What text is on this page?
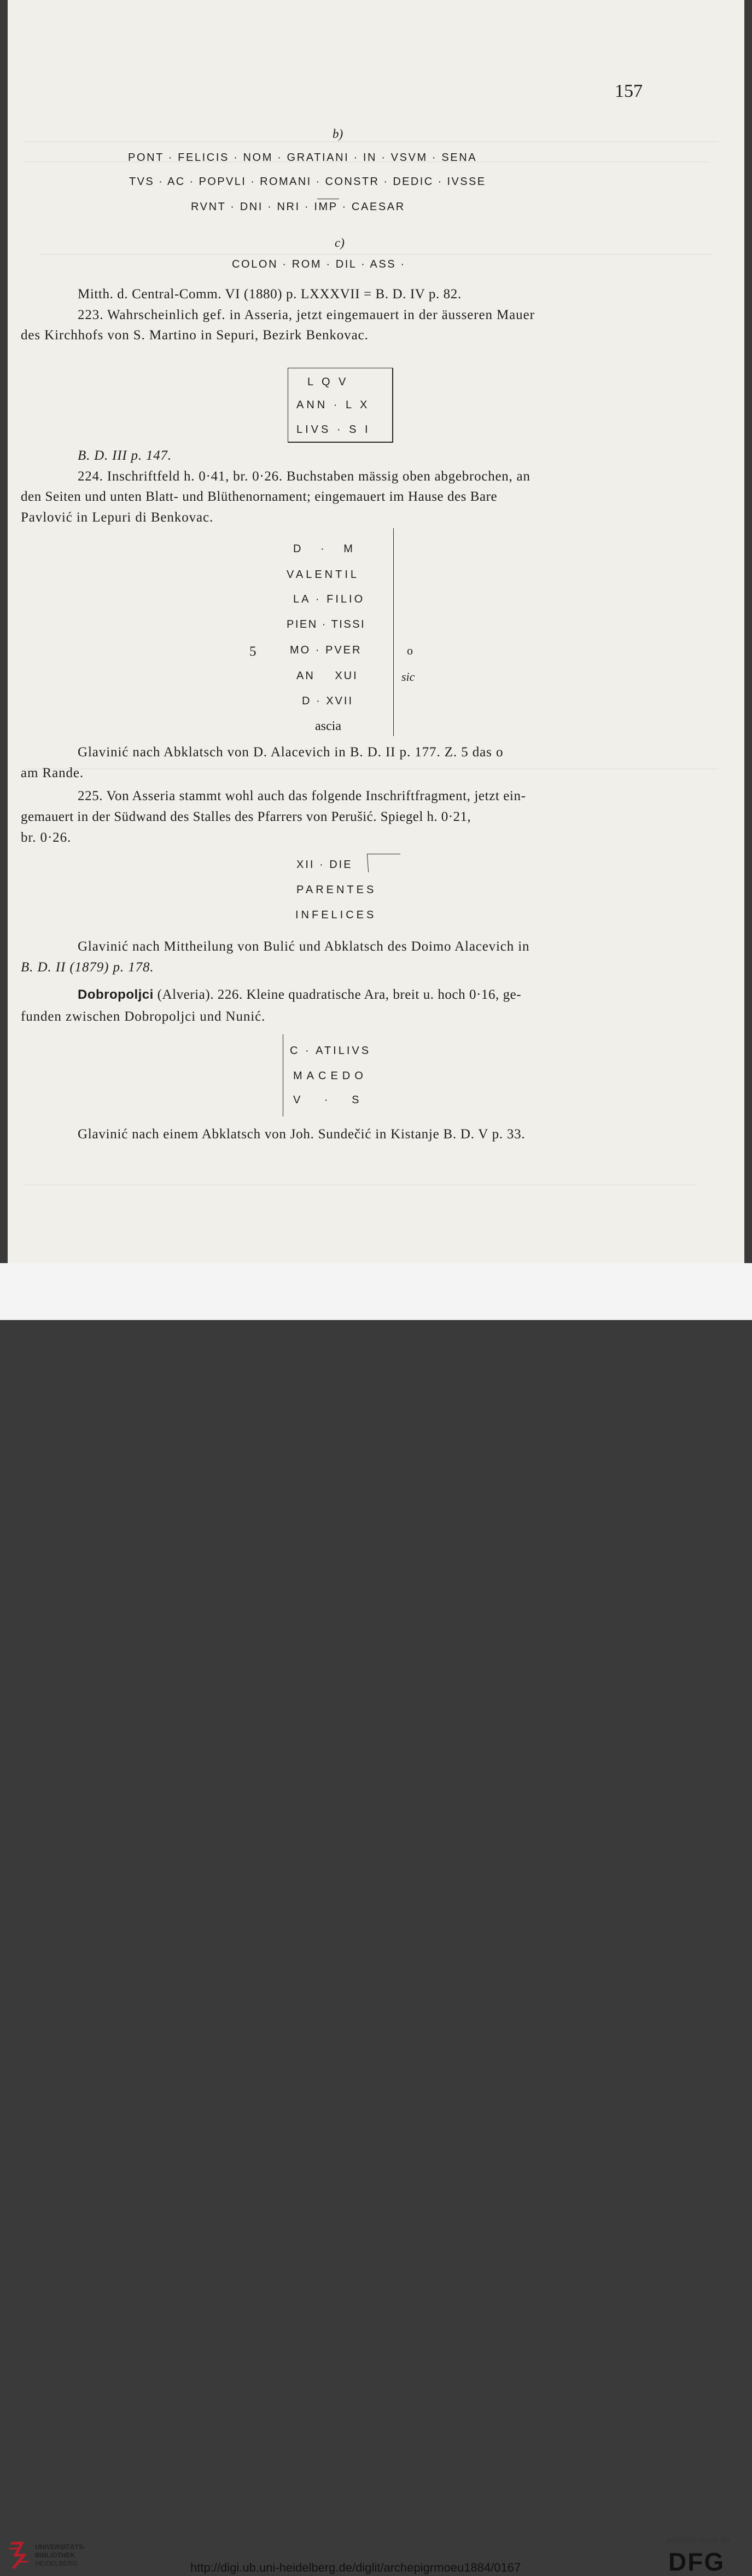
157
b)
PONT · FELICIS · NOM · GRATIANI · IN · VSVM · SENA
TVS · AC · POPVLI · ROMANI · CONSTR · DEDIC · IVSSE
RVNT · DNI · NRI · IMP · CAESAR
c)
COLON · ROM · DIL · ASS ·
Mitth. d. Central-Comm. VI (1880) p. LXXXVII = B. D. IV p. 82.
223. Wahrscheinlich gef. in Asseria, jetzt eingemauert in der äusseren Mauer
des Kirchhofs von S. Martino in Sepuri, Bezirk Benkovac.
L Q V
ANN · L X
LIVS · S I
B. D. III p. 147.
224. Inschriftfeld h. 0·41, br. 0·26. Buchstaben mässig oben abgebrochen, an
den Seiten und unten Blatt- und Blüthenornament; eingemauert im Hause des Bare
Pavlović in Lepuri di Benkovac.
D · M
VALENTIL
LA · FILIO
PIEN · TISSI
5	MO · PVER	o
AN XUI	sic
D · XVII
ascia
Glavinić nach Abklatsch von D. Alacevich in B. D. II p. 177. Z. 5 das o
am Rande.
225. Von Asseria stammt wohl auch das folgende Inschriftfragment, jetzt ein-
gemauert in der Südwand des Stalles des Pfarrers von Perušić. Spiegel h. 0·21,
br. 0·26.
XII · DIE
PARENTES
INFELICES
Glavinić nach Mittheilung von Bulić und Abklatsch des Doimo Alacevich in
B. D. II (1879) p. 178.
Dobropoljci (Alveria). 226. Kleine quadratische Ara, breit u. hoch 0·16, ge-
funden zwischen Dobropoljci und Nunić.
C · ATILIVS
MACEDO
V · S
Glavinić nach einem Abklatsch von Joh. Sundečić in Kistanje B. D. V p. 33.
UNIVERSITÄTS-
BIBLIOTHEK
HEIDELBERG	http://digi.ub.uni-heidelberg.de/diglit/archepigrmoeu1884/0167
gefördert durch die
DFG
